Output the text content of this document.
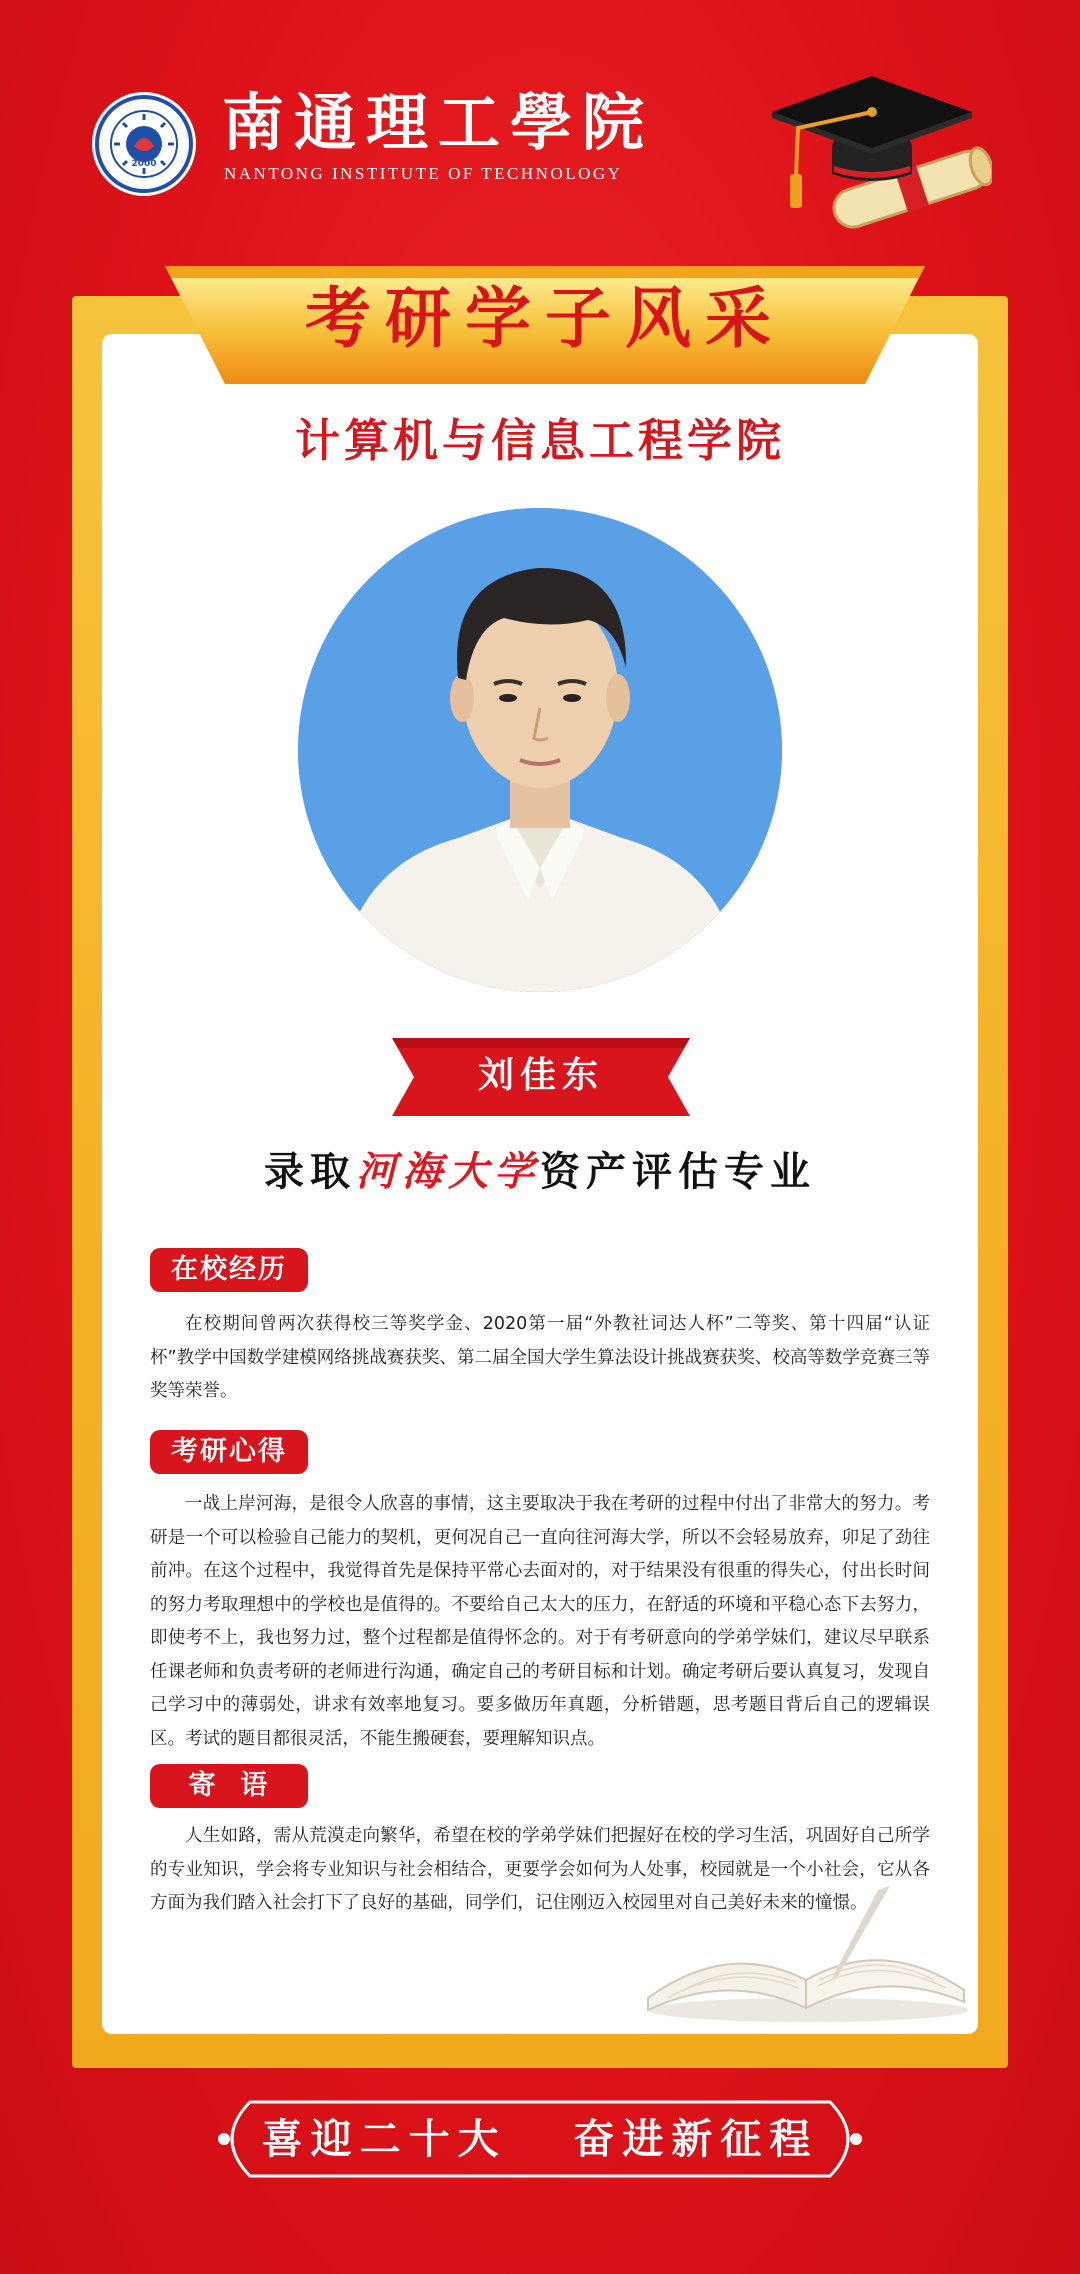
2000
南通理工學院
NANTONG INSTITUTE OF TECHNOLOGY
考研学子风采
计算机与信息工程学院
刘佳东
录取河海大学资产评估专业
在校经历

在校期间曾两次获得校三等奖学金、2020第一届“外教社词达人杯”二等奖、第十四届“认证杯”教学中国数学建模网络挑战赛获奖、第二届全国大学生算法设计挑战赛获奖、校高等数学竞赛三等奖等荣誉。

考研心得

一战上岸河海，是很令人欣喜的事情，这主要取决于我在考研的过程中付出了非常大的努力。考研是一个可以检验自己能力的契机，更何况自己一直向往河海大学，所以不会轻易放弃，卯足了劲往前冲。在这个过程中，我觉得首先是保持平常心去面对的，对于结果没有很重的得失心，付出长时间的努力考取理想中的学校也是值得的。不要给自己太大的压力，在舒适的环境和平稳心态下去努力，即使考不上，我也努力过，整个过程都是值得怀念的。对于有考研意向的学弟学妹们，建议尽早联系任课老师和负责考研的老师进行沟通，确定自己的考研目标和计划。确定考研后要认真复习，发现自己学习中的薄弱处，讲求有效率地复习。要多做历年真题，分析错题，思考题目背后自己的逻辑误区。考试的题目都很灵活，不能生搬硬套，要理解知识点。

寄  语

人生如路，需从荒漠走向繁华，希望在校的学弟学妹们把握好在校的学习生活，巩固好自己所学的专业知识，学会将专业知识与社会相结合，更要学会如何为人处事，校园就是一个小社会，它从各方面为我们踏入社会打下了良好的基础，同学们，记住刚迈入校园里对自己美好未来的憧憬。

喜迎二十大   奋进新征程
